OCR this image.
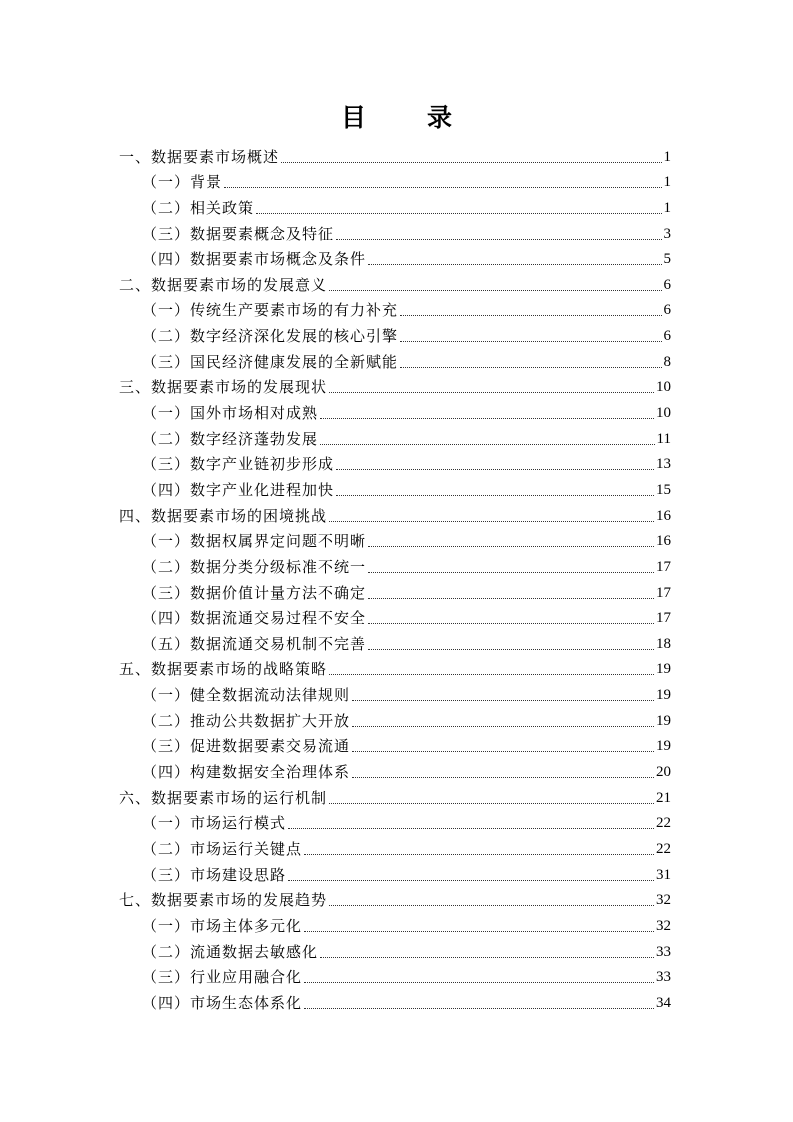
目　录
一、数据要素市场概述	1
（一）背景	1
（二）相关政策	1
（三）数据要素概念及特征	3
（四）数据要素市场概念及条件	5
二、数据要素市场的发展意义	6
（一）传统生产要素市场的有力补充	6
（二）数字经济深化发展的核心引擎	6
（三）国民经济健康发展的全新赋能	8
三、数据要素市场的发展现状	10
（一）国外市场相对成熟	10
（二）数字经济蓬勃发展	11
（三）数字产业链初步形成	13
（四）数字产业化进程加快	15
四、数据要素市场的困境挑战	16
（一）数据权属界定问题不明晰	16
（二）数据分类分级标准不统一	17
（三）数据价值计量方法不确定	17
（四）数据流通交易过程不安全	17
（五）数据流通交易机制不完善	18
五、数据要素市场的战略策略	19
（一）健全数据流动法律规则	19
（二）推动公共数据扩大开放	19
（三）促进数据要素交易流通	19
（四）构建数据安全治理体系	20
六、数据要素市场的运行机制	21
（一）市场运行模式	22
（二）市场运行关键点	22
（三）市场建设思路	31
七、数据要素市场的发展趋势	32
（一）市场主体多元化	32
（二）流通数据去敏感化	33
（三）行业应用融合化	33
（四）市场生态体系化	34
